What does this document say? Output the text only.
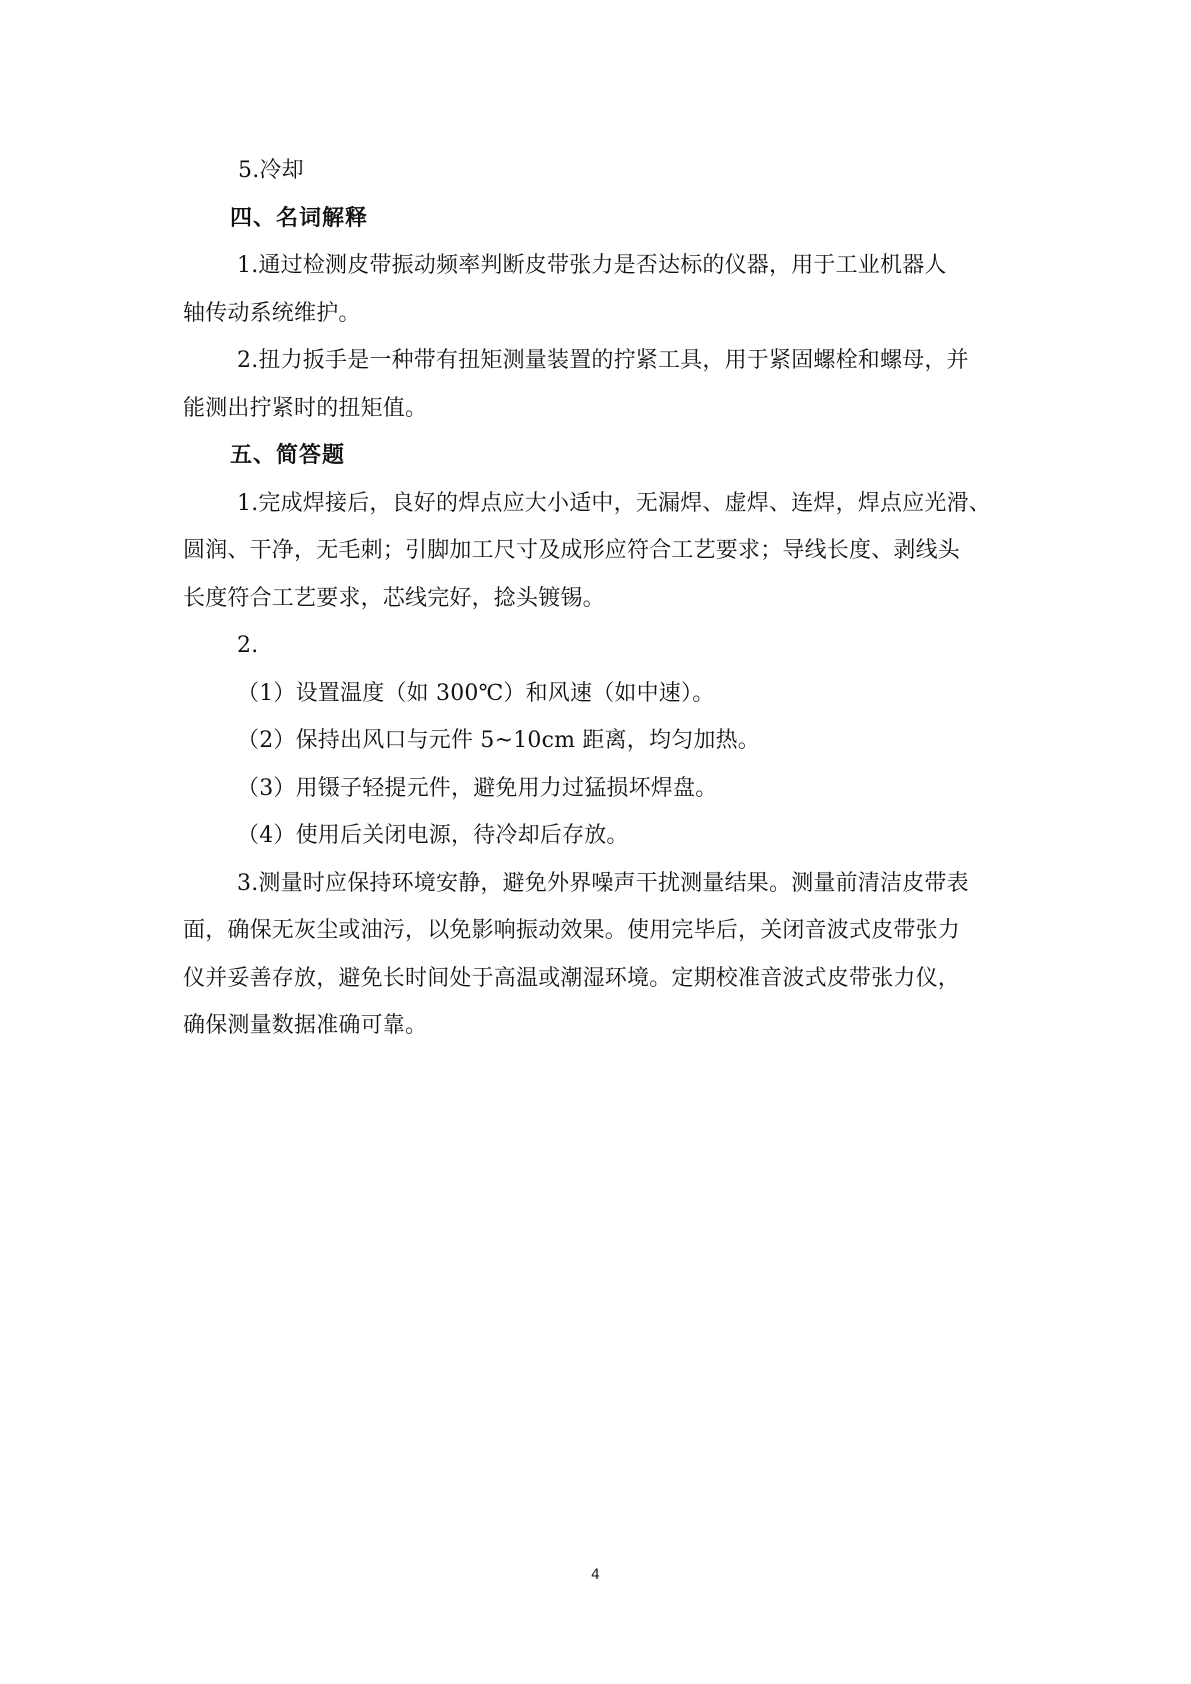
5.冷却
四、名词解释
1.通过检测皮带振动频率判断皮带张力是否达标的仪器，用于工业机器人
轴传动系统维护。
2.扭力扳手是一种带有扭矩测量装置的拧紧工具，用于紧固螺栓和螺母，并
能测出拧紧时的扭矩值。
五、简答题
1.完成焊接后，良好的焊点应大小适中，无漏焊、虚焊、连焊，焊点应光滑、
圆润、干净，无毛刺；引脚加工尺寸及成形应符合工艺要求；导线长度、剥线头
长度符合工艺要求，芯线完好，捻头镀锡。
2.
（1）设置温度（如 300℃）和风速（如中速）。
（2）保持出风口与元件 5~10cm 距离，均匀加热。
（3）用镊子轻提元件，避免用力过猛损坏焊盘。
（4）使用后关闭电源，待冷却后存放。
3.测量时应保持环境安静，避免外界噪声干扰测量结果。测量前清洁皮带表
面，确保无灰尘或油污，以免影响振动效果。使用完毕后，关闭音波式皮带张力
仪并妥善存放，避免长时间处于高温或潮湿环境。定期校准音波式皮带张力仪，
确保测量数据准确可靠。
4
